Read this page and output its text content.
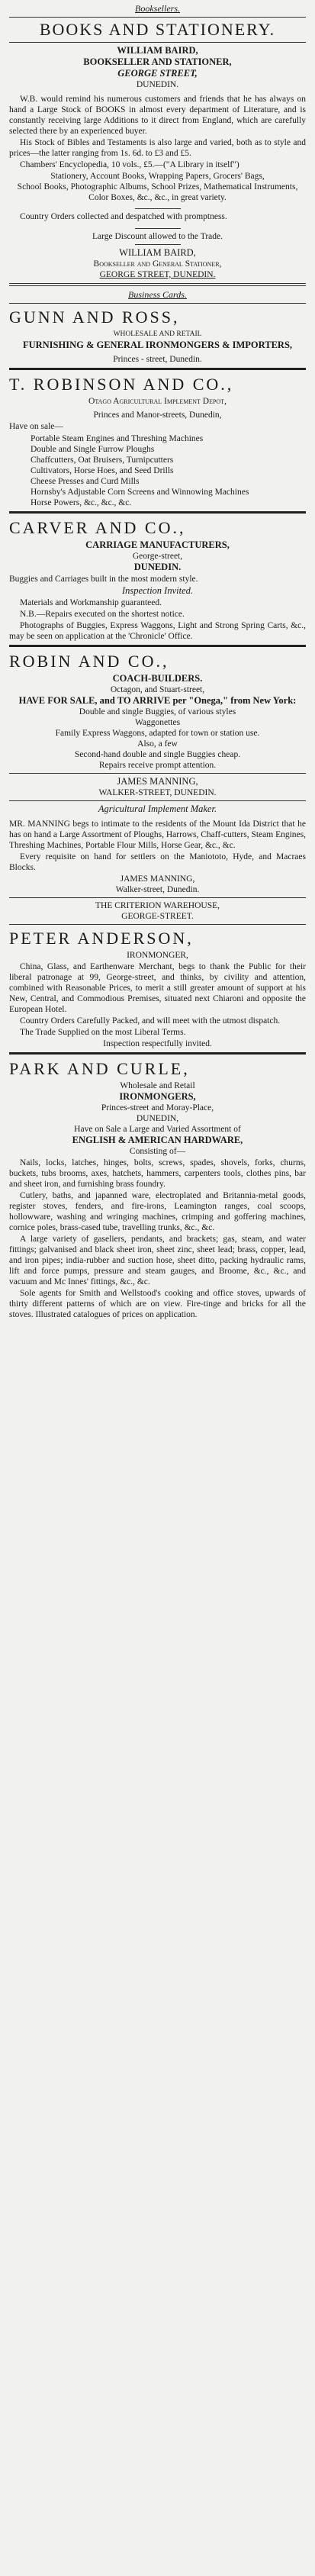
Booksellers.
BOOKS AND STATIONERY.
WILLIAM BAIRD,
BOOKSELLER AND STATIONER,
GEORGE STREET,
DUNEDIN.

W.B. would remind his numerous customers and friends that he has always on hand a Large Stock of BOOKS in almost every department of Literature, and is constantly receiving large Additions to it direct from England, which are carefully selected there by an experienced buyer.

His Stock of Bibles and Testaments is also large and varied, both as to style and prices—the latter ranging from 1s. 6d. to £3 and £5.

Chambers' Encyclopedia, 10 vols., £5.—("A Library in itself")

Stationery, Account Books, Wrapping Papers, Grocers' Bags,
School Books, Photographic Albums, School Prizes, Mathematical Instruments,
Color Boxes, &c., &c., in great variety.

Country Orders collected and despatched with promptness.

Large Discount allowed to the Trade.
WILLIAM BAIRD,
Bookseller and General Stationer,
GEORGE STREET, DUNEDIN.
Business Cards.
GUNN AND ROSS,
WHOLESALE AND RETAIL
FURNISHING & GENERAL IRONMONGERS & IMPORTERS,
Princes - street, Dunedin.
T. ROBINSON AND CO.,
Otago Agricultural Implement Depot,
Princes and Manor-streets, Dunedin,
Have on sale—
Portable Steam Engines and Threshing Machines
Double and Single Furrow Ploughs
Chaffcutters, Oat Bruisers, Turnipcutters
Cultivators, Horse Hoes, and Seed Drills
Cheese Presses and Curd Mills
Hornsby's Adjustable Corn Screens and Winnowing Machines
Horse Powers, &c., &c., &c.
CARVER AND CO.,
CARRIAGE MANUFACTURERS,
George-street,
DUNEDIN.

Buggies and Carriages built in the most modern style.

Inspection Invited.

Materials and Workmanship guaranteed.

N.B.—Repairs executed on the shortest notice.

Photographs of Buggies, Express Waggons, Light and Strong Spring Carts, &c., may be seen on application at the 'Chronicle' Office.

ROBIN AND CO.,
COACH-BUILDERS.
Octagon, and Stuart-street,
HAVE FOR SALE, and TO ARRIVE per "Onega," from New York:
Double and single Buggies, of various styles
Waggonettes
Family Express Waggons, adapted for town or station use.
Also, a few
Second-hand double and single Buggies cheap.
Repairs receive prompt attention.
JAMES MANNING,
WALKER-STREET, DUNEDIN.
Agricultural Implement Maker.

MR. MANNING begs to intimate to the residents of the Mount Ida District that he has on hand a Large Assortment of Ploughs, Harrows, Chaff-cutters, Steam Engines, Threshing Machines, Portable Flour Mills, Horse Gear, &c., &c.

Every requisite on hand for settlers on the Maniototo, Hyde, and Macraes Blocks.

JAMES MANNING,
Walker-street, Dunedin.
THE CRITERION WAREHOUSE,
GEORGE-STREET.
PETER ANDERSON,
IRONMONGER,

China, Glass, and Earthenware Merchant, begs to thank the Public for their liberal patronage at 99, George-street, and thinks, by civility and attention, combined with Reasonable Prices, to merit a still greater amount of support at his New, Central, and Commodious Premises, situated next Chiaroni and opposite the European Hotel.

Country Orders Carefully Packed, and will meet with the utmost dispatch.

The Trade Supplied on the most Liberal Terms.

Inspection respectfully invited.
PARK AND CURLE,
Wholesale and Retail
IRONMONGERS,
Princes-street and Moray-Place,
DUNEDIN,
Have on Sale a Large and Varied Assortment of
ENGLISH & AMERICAN HARDWARE,
Consisting of—

Nails, locks, latches, hinges, bolts, screws, spades, shovels, forks, churns, buckets, tubs brooms, axes, hatchets, hammers, carpenters tools, clothes pins, bar and sheet iron, and furnishing brass foundry.

Cutlery, baths, and japanned ware, electroplated and Britannia-metal goods, register stoves, fenders, and fire-irons, Leamington ranges, coal scoops, hollowware, washing and wringing machines, crimping and goffering machines, cornice poles, brass-cased tube, travelling trunks, &c., &c.

A large variety of gaseliers, pendants, and brackets; gas, steam, and water fittings; galvanised and black sheet iron, sheet zinc, sheet lead; brass, copper, lead, and iron pipes; india-rubber and suction hose, sheet ditto, packing hydraulic rams, lift and force pumps, pressure and steam gauges, and Broome, &c., &c., and vacuum and Mc Innes' fittings, &c., &c.

Sole agents for Smith and Wellstood's cooking and office stoves, upwards of thirty different patterns of which are on view. Fire-tinge and bricks for all the stoves. Illustrated catalogues of prices on application.
